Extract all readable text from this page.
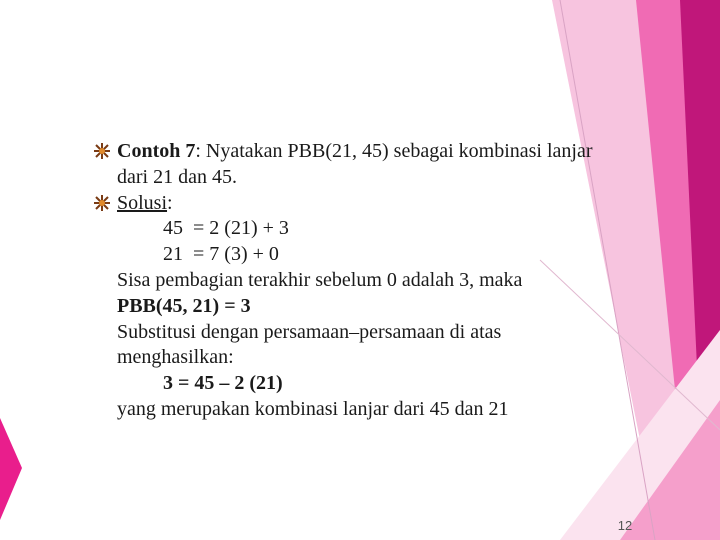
Contoh 7: Nyatakan PBB(21, 45) sebagai kombinasi lanjar
dari 21 dan 45.
Solusi:
45  = 2 (21) + 3
21  = 7 (3) + 0
Sisa pembagian terakhir sebelum 0 adalah 3, maka
PBB(45, 21) = 3
Substitusi dengan persamaan–persamaan di atas
menghasilkan:
3 = 45 – 2 (21)
yang merupakan kombinasi lanjar dari 45 dan 21
12
